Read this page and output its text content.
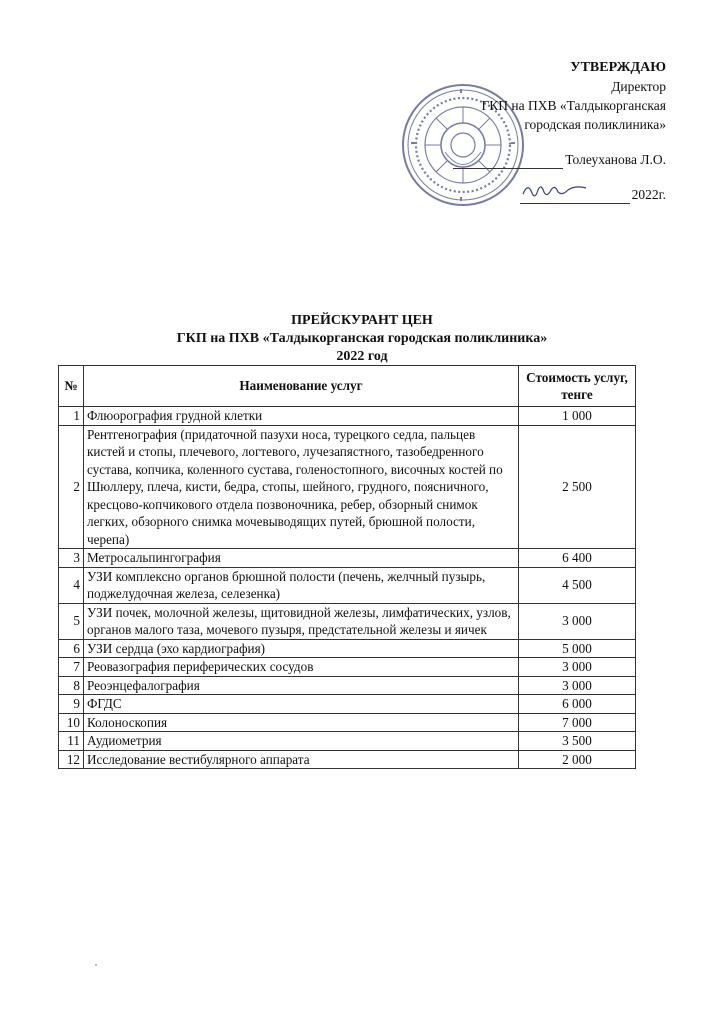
УТВЕРЖДАЮ
Директор
ГКП на ПХВ «Талдыкорганская
городская поликлиника»
Толеуханова Л.О.
2022г.
ПРЕЙСКУРАНТ ЦЕН
ГКП на ПХВ «Талдыкорганская городская поликлиника»
2022 год
№	Наименование услуг	Стоимость услуг, тенге
1	Флюорография грудной клетки	1 000
2	Рентгенография (придаточной пазухи носа, турецкого седла, пальцев кистей и стопы, плечевого, логтевого, лучезапястного, тазобедренного сустава, копчика, коленного сустава, голеностопного, височных костей по Шюллеру, плеча, кисти, бедра, стопы, шейного, грудного, поясничного, кресцово-копчикового отдела позвоночника, ребер, обзорный снимок легких, обзорного снимка мочевыводящих путей, брюшной полости, черепа)	2 500
3	Метросальпингография	6 400
4	УЗИ комплексно органов брюшной полости (печень, желчный пузырь, поджелудочная железа, селезенка)	4 500
5	УЗИ почек, молочной железы, щитовидной железы, лимфатических, узлов, органов малого таза, мочевого пузыря, предстательной железы и яичек	3 000
6	УЗИ сердца (эхо кардиография)	5 000
7	Реовазография периферических сосудов	3 000
8	Реоэнцефалография	3 000
9	ФГДС	6 000
10	Колоноскопия	7 000
11	Аудиометрия	3 500
12	Исследование вестибулярного аппарата	2 000
